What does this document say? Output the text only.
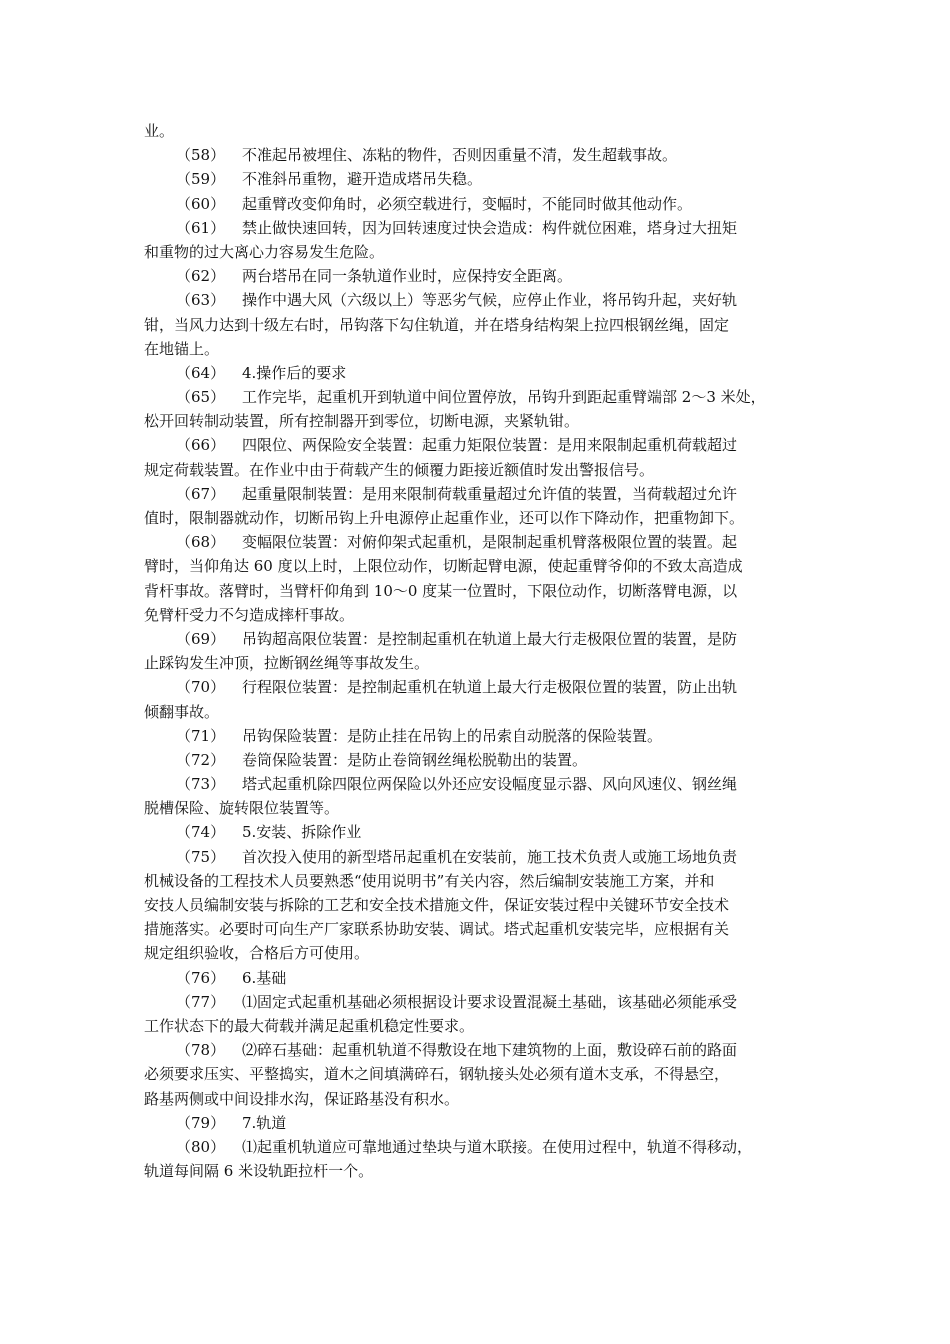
业。
（58） 不准起吊被埋住、冻粘的物件，否则因重量不清，发生超载事故。
（59） 不准斜吊重物，避开造成塔吊失稳。
（60） 起重臂改变仰角时，必须空载进行，变幅时，不能同时做其他动作。
（61） 禁止做快速回转，因为回转速度过快会造成：构件就位困难，塔身过大扭矩
和重物的过大离心力容易发生危险。
（62） 两台塔吊在同一条轨道作业时，应保持安全距离。
（63） 操作中遇大风（六级以上）等恶劣气候，应停止作业，将吊钩升起，夹好轨
钳，当风力达到十级左右时，吊钩落下勾住轨道，并在塔身结构架上拉四根钢丝绳，固定
在地锚上。
（64） 4.操作后的要求
（65） 工作完毕，起重机开到轨道中间位置停放，吊钩升到距起重臂端部 2～3 米处，
松开回转制动装置，所有控制器开到零位，切断电源，夹紧轨钳。
（66） 四限位、两保险安全装置：起重力矩限位装置：是用来限制起重机荷载超过
规定荷载装置。在作业中由于荷载产生的倾覆力距接近额值时发出警报信号。
（67） 起重量限制装置：是用来限制荷载重量超过允许值的装置，当荷载超过允许
值时，限制器就动作，切断吊钩上升电源停止起重作业，还可以作下降动作，把重物卸下。
（68） 变幅限位装置：对俯仰架式起重机，是限制起重机臂落极限位置的装置。起
臂时，当仰角达 60 度以上时，上限位动作，切断起臂电源，使起重臂爷仰的不致太高造成
背杆事故。落臂时，当臂杆仰角到 10～0 度某一位置时，下限位动作，切断落臂电源，以
免臂杆受力不匀造成摔杆事故。
（69） 吊钩超高限位装置：是控制起重机在轨道上最大行走极限位置的装置，是防
止踩钩发生冲顶，拉断钢丝绳等事故发生。
（70） 行程限位装置：是控制起重机在轨道上最大行走极限位置的装置，防止出轨
倾翻事故。
（71） 吊钩保险装置：是防止挂在吊钩上的吊索自动脱落的保险装置。
（72） 卷筒保险装置：是防止卷筒钢丝绳松脱勒出的装置。
（73） 塔式起重机除四限位两保险以外还应安设幅度显示器、风向风速仪、钢丝绳
脱槽保险、旋转限位装置等。
（74） 5.安装、拆除作业
（75） 首次投入使用的新型塔吊起重机在安装前，施工技术负责人或施工场地负责
机械设备的工程技术人员要熟悉“使用说明书”有关内容，然后编制安装施工方案，并和
安技人员编制安装与拆除的工艺和安全技术措施文件，保证安装过程中关键环节安全技术
措施落实。必要时可向生产厂家联系协助安装、调试。塔式起重机安装完毕，应根据有关
规定组织验收，合格后方可使用。
（76） 6.基础
（77） ⑴固定式起重机基础必须根据设计要求设置混凝土基础，该基础必须能承受
工作状态下的最大荷载并满足起重机稳定性要求。
（78） ⑵碎石基础：起重机轨道不得敷设在地下建筑物的上面，敷设碎石前的路面
必须要求压实、平整捣实，道木之间填满碎石，钢轨接头处必须有道木支承，不得悬空，
路基两侧或中间设排水沟，保证路基没有积水。
（79） 7.轨道
（80） ⑴起重机轨道应可靠地通过垫块与道木联接。在使用过程中，轨道不得移动，
轨道每间隔 6 米设轨距拉杆一个。
